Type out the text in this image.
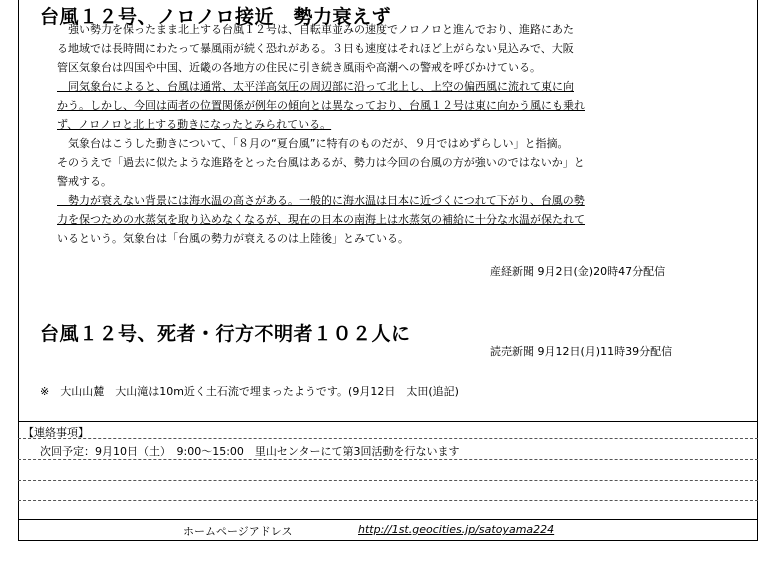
台風１２号、ノロノロ接近　勢力衰えず
　強い勢力を保ったまま北上する台風１２号は、自転車並みの速度でノロノロと進んでおり、進路にあた
る地域では長時間にわたって暴風雨が続く恐れがある。３日も速度はそれほど上がらない見込みで、大阪
管区気象台は四国や中国、近畿の各地方の住民に引き続き風雨や高潮への警戒を呼びかけている。
　同気象台によると、台風は通常、太平洋高気圧の周辺部に沿って北上し、上空の偏西風に流れて東に向
かう。しかし、今回は両者の位置関係が例年の傾向とは異なっており、台風１２号は東に向かう風にも乗れ
ず、ノロノロと北上する動きになったとみられている。
　気象台はこうした動きについて、「８月の“夏台風”に特有のものだが、９月ではめずらしい」と指摘。
そのうえで「過去に似たような進路をとった台風はあるが、勢力は今回の台風の方が強いのではないか」と
警戒する。
　勢力が衰えない背景には海水温の高さがある。一般的に海水温は日本に近づくにつれて下がり、台風の勢
力を保つための水蒸気を取り込めなくなるが、現在の日本の南海上は水蒸気の補給に十分な水温が保たれて
いるという。気象台は「台風の勢力が衰えるのは上陸後」とみている。
産経新聞 9月2日(金)20時47分配信
台風１２号、死者・行方不明者１０２人に
読売新聞 9月12日(月)11時39分配信
※　大山山麓　大山滝は10m近く土石流で埋まったようです。(9月12日　太田(追記)
【連絡事項】
次回予定：9月10日（土）　9:00～15:00　里山センターにて第3回活動を行ないます
ホームページアドレス	http://1st.geocities.jp/satoyama224
